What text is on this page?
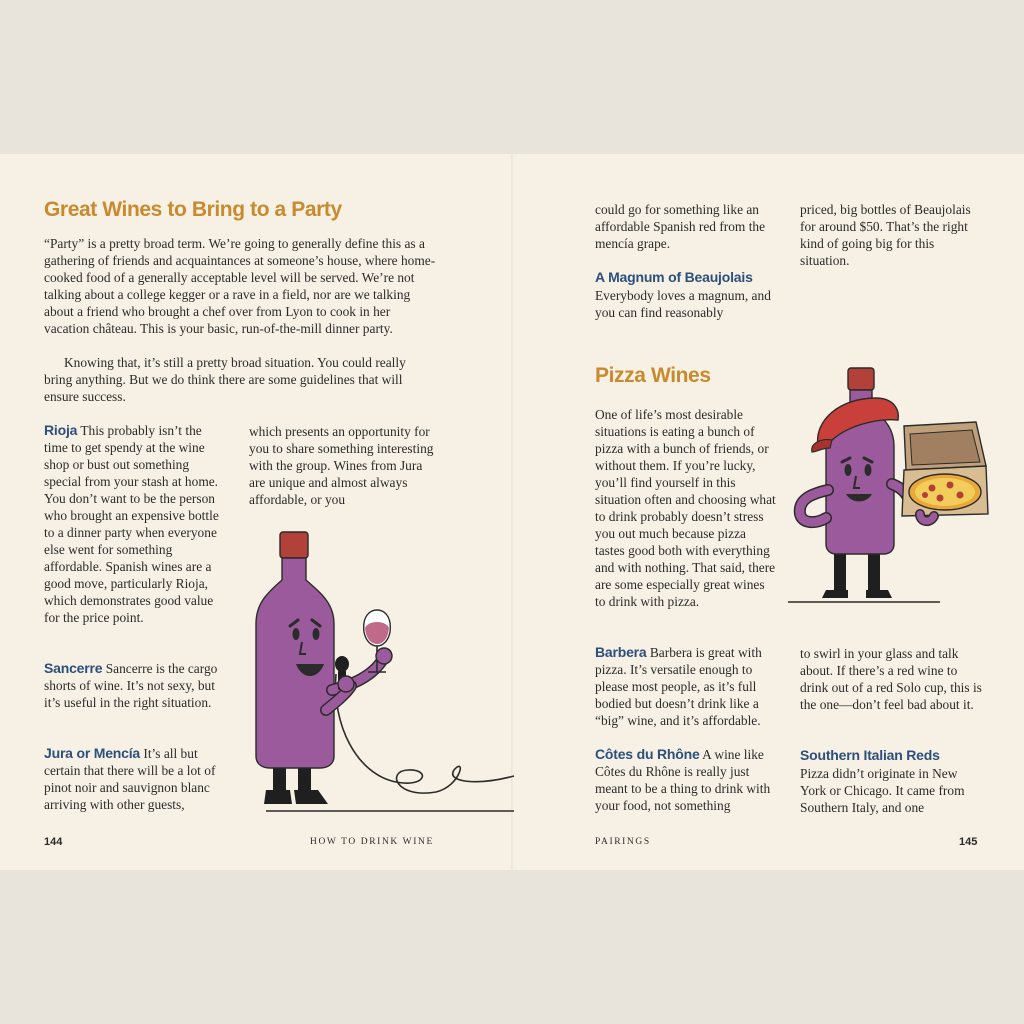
Great Wines to Bring to a Party

“Party” is a pretty broad term. We’re going to generally define this as a gathering of friends and acquaintances at someone’s house, where home-cooked food of a generally acceptable level will be served. We’re not talking about a college kegger or a rave in a field, nor are we talking about a friend who brought a chef over from Lyon to cook in her vacation château. This is your basic, run-of-the-mill dinner party.

Knowing that, it’s still a pretty broad situation. You could really bring anything. But we do think there are some guidelines that will ensure success.

Rioja This probably isn’t the time to get spendy at the wine shop or bust out something special from your stash at home. You don’t want to be the person who brought an expensive bottle to a dinner party when everyone else went for something affordable. Spanish wines are a good move, particularly Rioja, which demonstrates good value for the price point.

Sancerre Sancerre is the cargo shorts of wine. It’s not sexy, but it’s useful in the right situation.

Jura or Mencía It’s all but certain that there will be a lot of pinot noir and sauvignon blanc arriving with other guests,

which presents an opportunity for you to share something interesting with the group. Wines from Jura are unique and almost always affordable, or you

144	HOW TO DRINK WINE

could go for something like an affordable Spanish red from the mencía grape.

A Magnum of Beaujolais

Everybody loves a magnum, and you can find reasonably

priced, big bottles of Beaujolais for around $50. That’s the right kind of going big for this situation.

Pizza Wines

One of life’s most desirable situations is eating a bunch of pizza with a bunch of friends, or without them. If you’re lucky, you’ll find yourself in this situation often and choosing what to drink probably doesn’t stress you out much because pizza tastes good both with everything and with nothing. That said, there are some especially great wines to drink with pizza.

Barbera Barbera is great with pizza. It’s versatile enough to please most people, as it’s full bodied but doesn’t drink like a “big” wine, and it’s affordable.

Côtes du Rhône A wine like Côtes du Rhône is really just meant to be a thing to drink with your food, not something

to swirl in your glass and talk about. If there’s a red wine to drink out of a red Solo cup, this is the one—don’t feel bad about it.

Southern Italian Reds

Pizza didn’t originate in New York or Chicago. It came from Southern Italy, and one

PAIRINGS	145
